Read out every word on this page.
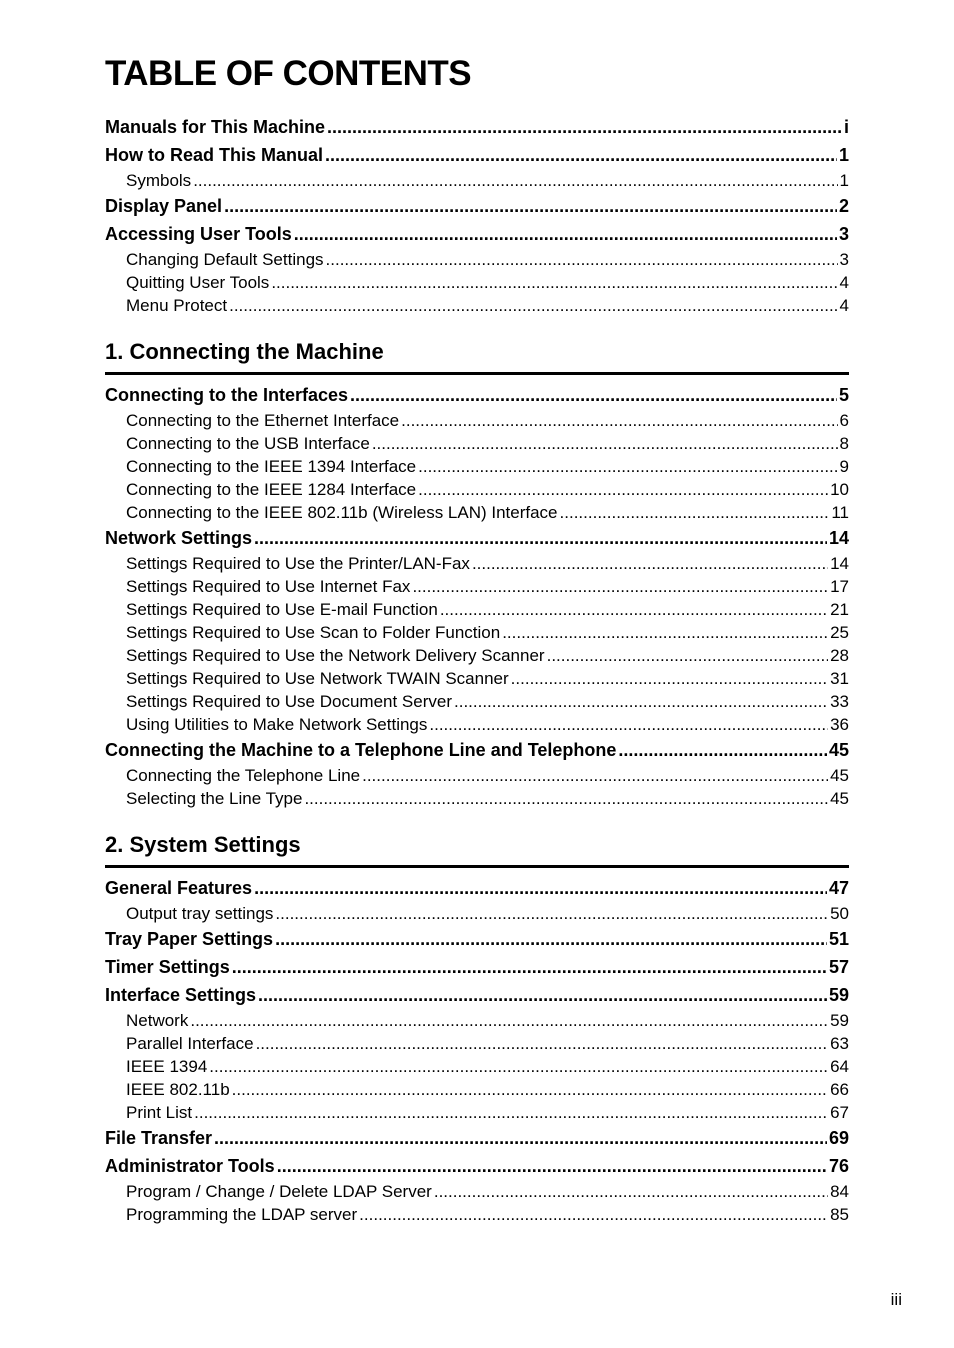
TABLE OF CONTENTS
Manuals for This Machine .....	i
How to Read This Manual .....	1
Symbols .....	1
Display Panel .....	2
Accessing User Tools .....	3
Changing Default Settings .....	3
Quitting User Tools .....	4
Menu Protect .....	4
1. Connecting the Machine
Connecting to the Interfaces .....	5
Connecting to the Ethernet Interface .....	6
Connecting to the USB Interface .....	8
Connecting to the IEEE 1394 Interface .....	9
Connecting to the IEEE 1284 Interface .....	10
Connecting to the IEEE 802.11b (Wireless LAN) Interface .....	11
Network Settings .....	14
Settings Required to Use the Printer/LAN-Fax .....	14
Settings Required to Use Internet Fax .....	17
Settings Required to Use E-mail Function .....	21
Settings Required to Use Scan to Folder Function .....	25
Settings Required to Use the Network Delivery Scanner .....	28
Settings Required to Use Network TWAIN Scanner .....	31
Settings Required to Use Document Server .....	33
Using Utilities to Make Network Settings .....	36
Connecting the Machine to a Telephone Line and Telephone .....	45
Connecting the Telephone Line .....	45
Selecting the Line Type .....	45
2. System Settings
General Features .....	47
Output tray settings .....	50
Tray Paper Settings .....	51
Timer Settings .....	57
Interface Settings .....	59
Network .....	59
Parallel Interface .....	63
IEEE 1394 .....	64
IEEE 802.11b .....	66
Print List .....	67
File Transfer .....	69
Administrator Tools .....	76
Program / Change / Delete LDAP Server .....	84
Programming the LDAP server .....	85
iii
